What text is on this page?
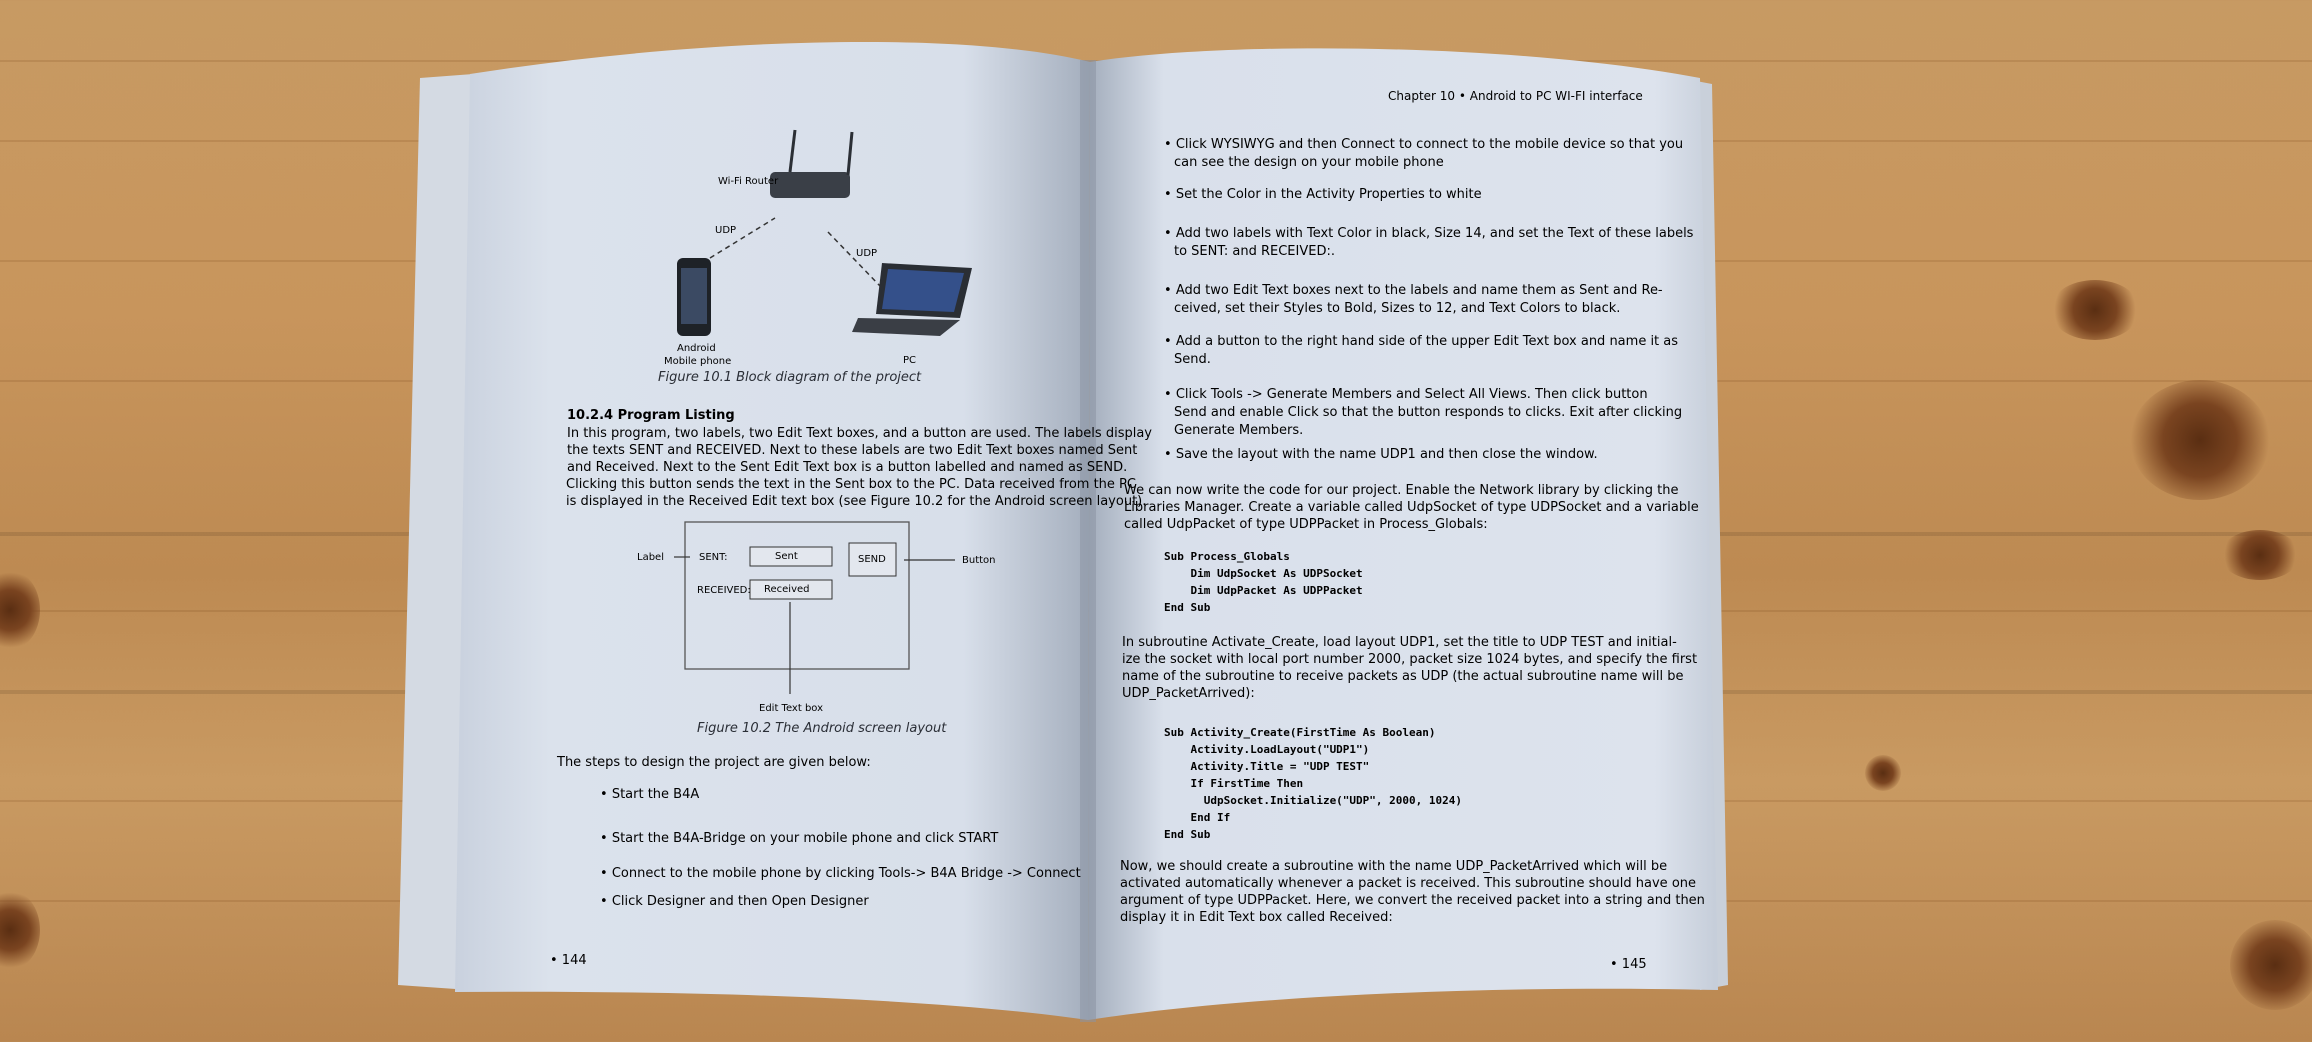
Wi-Fi Router
UDP
UDP
Android
Mobile phone	PC
Figure 10.1 Block diagram of the project
10.2.4 Program Listing
In this program, two labels, two Edit Text boxes, and a button are used. The labels display
the texts SENT and RECEIVED. Next to these labels are two Edit Text boxes named Sent
and Received. Next to the Sent Edit Text box is a button labelled and named as SEND.
Clicking this button sends the text in the Sent box to the PC. Data received from the PC
is displayed in the Received Edit text box (see Figure 10.2 for the Android screen layout).
Label	SENT:	Sent	SEND	Button
RECEIVED: Received
Edit Text box
Figure 10.2 The Android screen layout
The steps to design the project are given below:
• Start the B4A
• Start the B4A-Bridge on your mobile phone and click START
• Connect to the mobile phone by clicking Tools-> B4A Bridge -> Connect
• Click Designer and then Open Designer
• 144
Chapter 10 • Android to PC WI-FI interface
• Click WYSIWYG and then Connect to connect to the mobile device so that you
can see the design on your mobile phone
• Set the Color in the Activity Properties to white
• Add two labels with Text Color in black, Size 14, and set the Text of these labels
to SENT: and RECEIVED:.
• Add two Edit Text boxes next to the labels and name them as Sent and Re-
ceived, set their Styles to Bold, Sizes to 12, and Text Colors to black.
• Add a button to the right hand side of the upper Edit Text box and name it as
Send.
• Click Tools -> Generate Members and Select All Views. Then click button
Send and enable Click so that the button responds to clicks. Exit after clicking
Generate Members.
• Save the layout with the name UDP1 and then close the window.
We can now write the code for our project. Enable the Network library by clicking the
Libraries Manager. Create a variable called UdpSocket of type UDPSocket and a variable
called UdpPacket of type UDPPacket in Process_Globals:
Sub Process_Globals
Dim UdpSocket As UDPSocket
Dim UdpPacket As UDPPacket
End Sub
In subroutine Activate_Create, load layout UDP1, set the title to UDP TEST and initial-
ize the socket with local port number 2000, packet size 1024 bytes, and specify the first
name of the subroutine to receive packets as UDP (the actual subroutine name will be
UDP_PacketArrived):
Sub Activity_Create(FirstTime As Boolean)
Activity.LoadLayout("UDP1")
Activity.Title = "UDP TEST"
If FirstTime Then
UdpSocket.Initialize("UDP", 2000, 1024)
End If
End Sub
Now, we should create a subroutine with the name UDP_PacketArrived which will be
activated automatically whenever a packet is received. This subroutine should have one
argument of type UDPPacket. Here, we convert the received packet into a string and then
display it in Edit Text box called Received:
• 145
